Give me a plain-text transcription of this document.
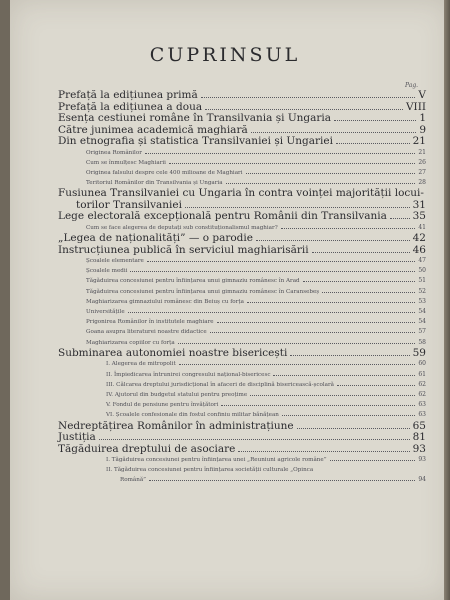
CUPRINSUL
Pag.
Prefață la edițiunea primă	V
Prefață la edițiunea a doua	VIII
Esența cestiunei române în Transilvania și Ungaria	1
Către junimea academică maghiară	9
Din etnografia și statistica Transilvaniei și Ungariei	21
Originea Românilor	21
Cum se înmulțesc Maghiarii	26
Originea falsului despre cele 400 milioane de Maghiari	27
Teritoriul Românilor din Transilvania și Ungaria	28
Fusiunea Transilvaniei cu Ungaria în contra voinței majorității locui-
torilor Transilvaniei	31
Lege electorală excepțională pentru Românii din Transilvania 35
Cum se face alegerea de deputați sub constituționalismul maghiar?	41
„Legea de naționalități” — o parodie	42
Instrucțiunea publică în serviciul maghiarisării	46
Școalele elementare	47
Școalele medii	50
Tăgăduirea concesiunei pentru înființarea unui gimnaziu românesc în Arad	51
Tăgăduirea concesiunei pentru înființarea unui gimnaziu românesc în Caransebeș	52
Maghiarizarea gimnaziului românesc din Beiuș cu forța	53
Universitățile	54
Prigonirea Românilor în institutele maghiare	54
Goana asupra literaturei noastre didactice	57
Maghiarizarea copiilor cu forța	58
Subminarea autonomiei noastre bisericești	59
I. Alegerea de mitropolit	60
II. Împiedicarea întrunirei congresului național-bisericesc	61
III. Călcarea dreptului jurisdicțional în afaceri de disciplină bisericească-școlară	62
IV. Ajutorul din budgetul statului pentru preoțime	62
V. Fondul de pensiune pentru învățători	63
VI. Școalele confesionale din fostul confiniu militar bănățean	63
Nedreptățirea Românilor în administrațiune	65
Justiția	81
Tăgăduirea dreptului de asociare	93
I. Tăgăduirea concesiunei pentru înființarea unei „Reuniuni agricole române”	93
II. Tăgăduirea concesiunei pentru înființarea societății culturale „Opinca
Română”	94
